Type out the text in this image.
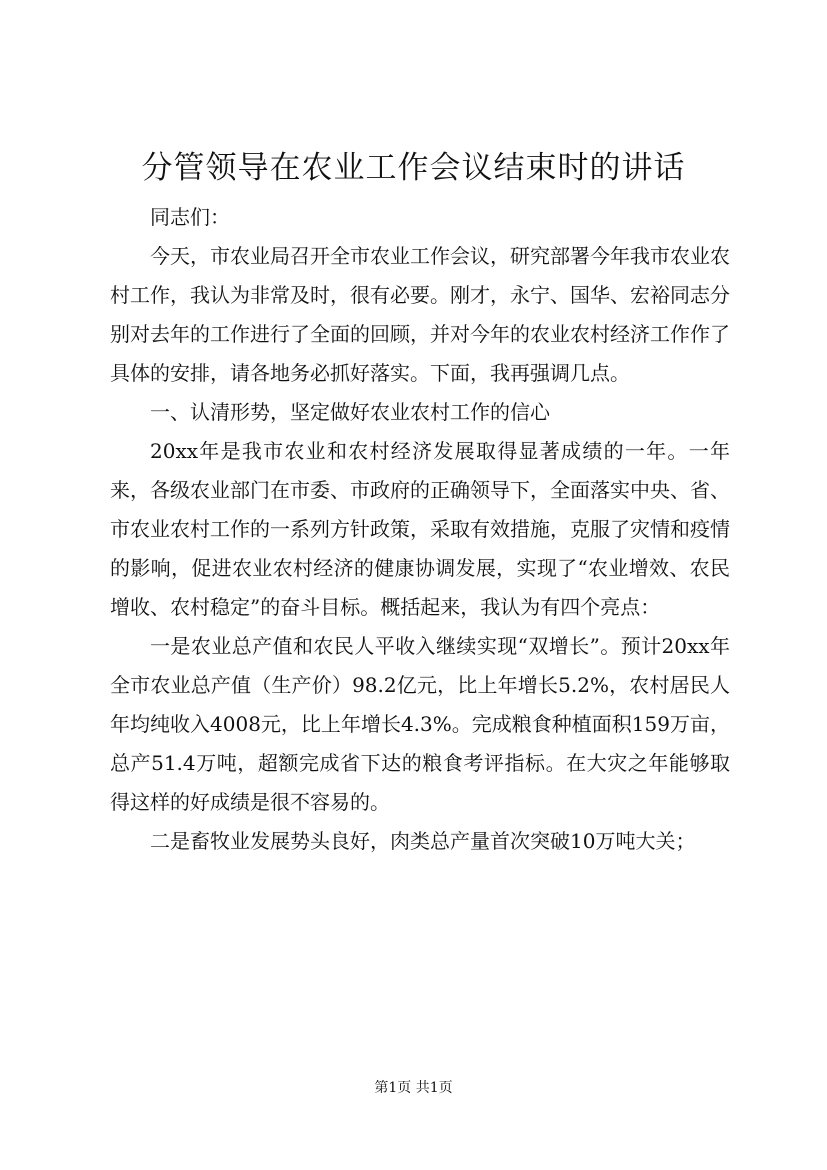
分管领导在农业工作会议结束时的讲话

同志们：

今天，市农业局召开全市农业工作会议，研究部署今年我市农业农村工作，我认为非常及时，很有必要。刚才，永宁、国华、宏裕同志分别对去年的工作进行了全面的回顾，并对今年的农业农村经济工作作了具体的安排，请各地务必抓好落实。下面，我再强调几点。

一、认清形势，坚定做好农业农村工作的信心

20xx年是我市农业和农村经济发展取得显著成绩的一年。一年来，各级农业部门在市委、市政府的正确领导下，全面落实中央、省、市农业农村工作的一系列方针政策，采取有效措施，克服了灾情和疫情的影响，促进农业农村经济的健康协调发展，实现了“农业增效、农民增收、农村稳定”的奋斗目标。概括起来，我认为有四个亮点：

一是农业总产值和农民人平收入继续实现“双增长”。预计20xx年全市农业总产值（生产价）98.2亿元，比上年增长5.2%，农村居民人年均纯收入4008元，比上年增长4.3%。完成粮食种植面积159万亩，总产51.4万吨，超额完成省下达的粮食考评指标。在大灾之年能够取得这样的好成绩是很不容易的。

二是畜牧业发展势头良好，肉类总产量首次突破10万吨大关；

第1页 共1页
